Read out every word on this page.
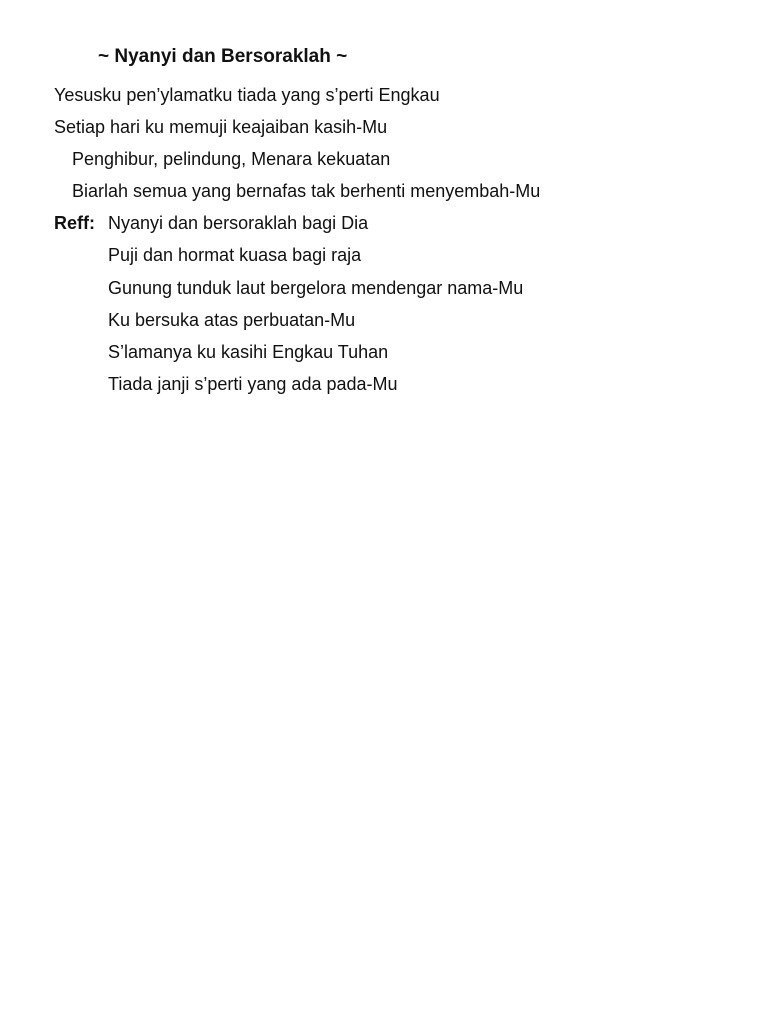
~ Nyanyi dan Bersoraklah ~
Yesusku pen’ylamatku tiada yang s’perti Engkau
Setiap hari ku memuji keajaiban kasih-Mu
Penghibur, pelindung, Menara kekuatan
Biarlah semua yang bernafas tak berhenti menyembah-Mu
Reff: Nyanyi dan bersoraklah bagi Dia
Puji dan hormat kuasa bagi raja
Gunung tunduk laut bergelora mendengar nama-Mu
Ku bersuka atas perbuatan-Mu
S’lamanya ku kasihi Engkau Tuhan
Tiada janji s’perti yang ada pada-Mu
